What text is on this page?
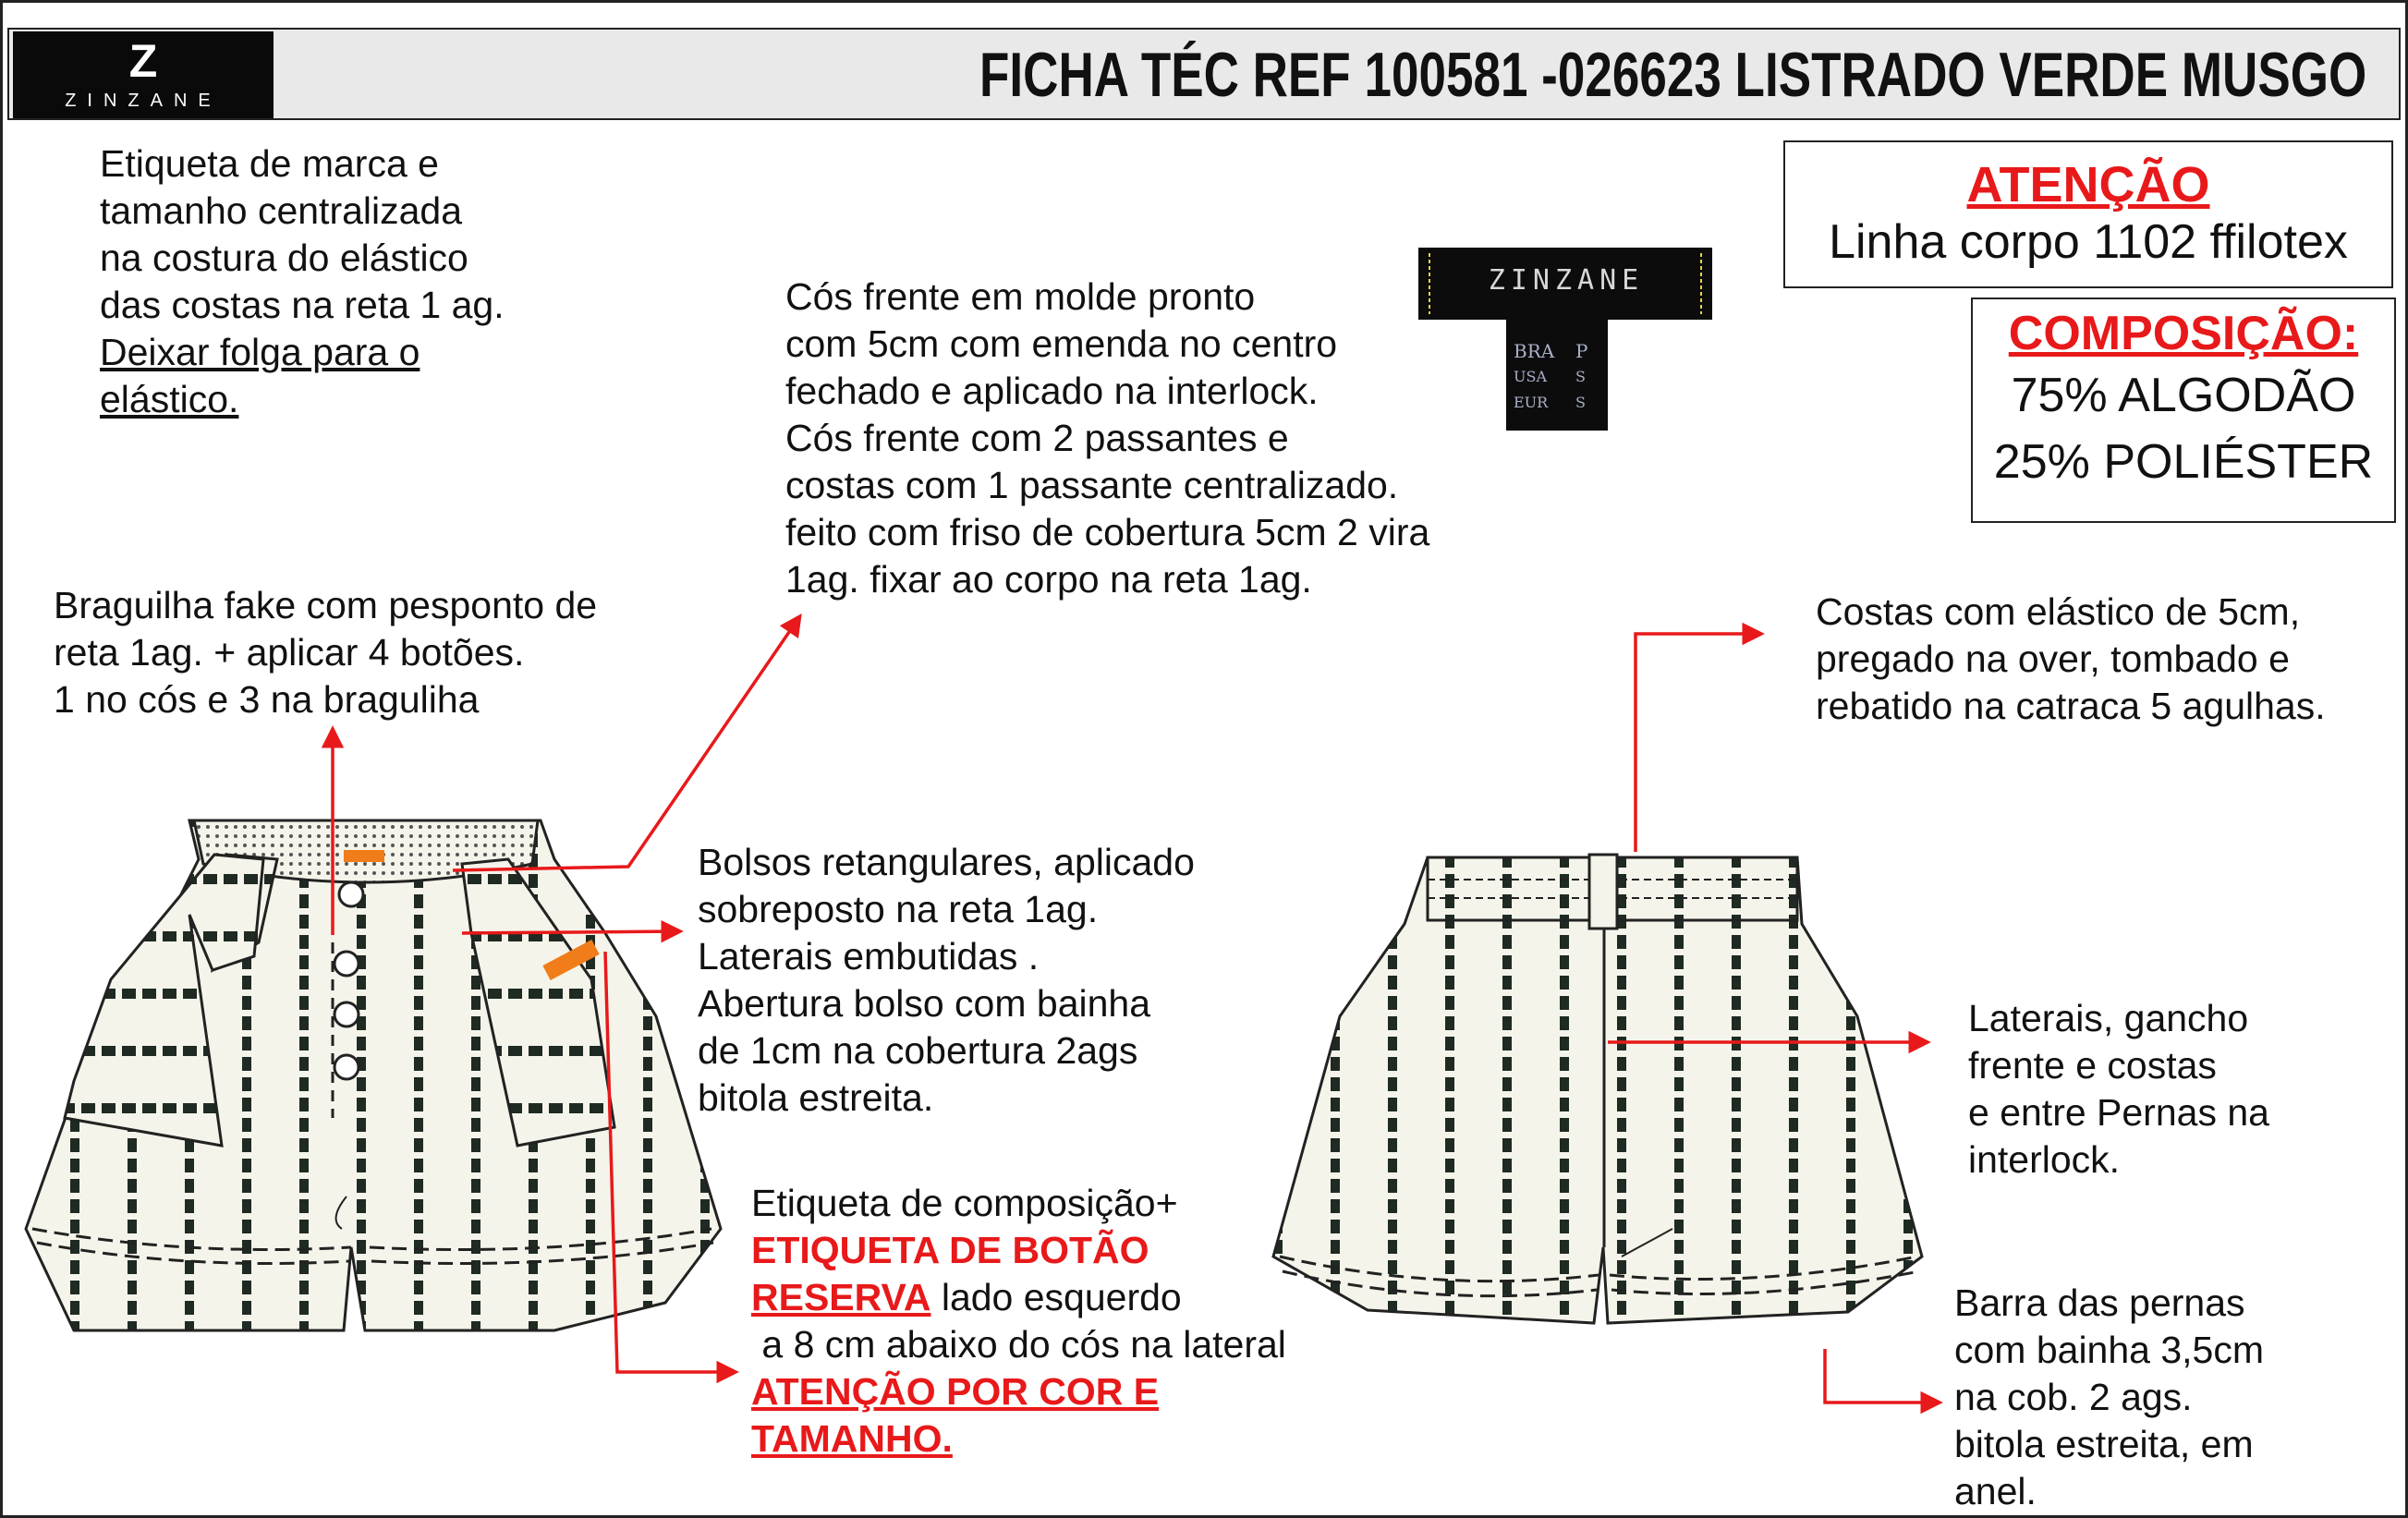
Z
ZINZANE	FICHA TÉC REF 100581 -026623 LISTRADO VERDE MUSGO
Etiqueta de marca e
tamanho centralizada
na costura do elástico
das costas na reta 1 ag.
Deixar folga para o
elástico.
Cós frente em molde pronto
com 5cm com emenda no centro
fechado e aplicado na interlock.
Cós frente com 2 passantes e
costas com 1 passante centralizado.
feito com friso de cobertura 5cm 2 vira
1ag. fixar ao corpo na reta 1ag.
Braguilha fake com pesponto de
reta 1ag. + aplicar 4 botões.
1 no cós e 3 na braguliha
Bolsos retangulares, aplicado
sobreposto na reta 1ag.
Laterais embutidas .
Abertura bolso com bainha
de 1cm na cobertura 2ags
bitola estreita.
Etiqueta de composição+
ETIQUETA DE BOTÃO
RESERVA lado esquerdo
a 8 cm abaixo do cós na lateral
ATENÇÃO POR COR E
TAMANHO.
Costas com elástico de 5cm,
pregado na over, tombado e
rebatido na catraca 5 agulhas.
Laterais, gancho
frente e costas
e entre Pernas na
interlock.
Barra das pernas
com bainha 3,5cm
na cob. 2 ags.
bitola estreita, em
anel.
ATENÇÃO
Linha corpo 1102 ffilotex
COMPOSIÇÃO:
75% ALGODÃO
25% POLIÉSTER
ZINZANE
BRA
USA
EUR
P
S
S
